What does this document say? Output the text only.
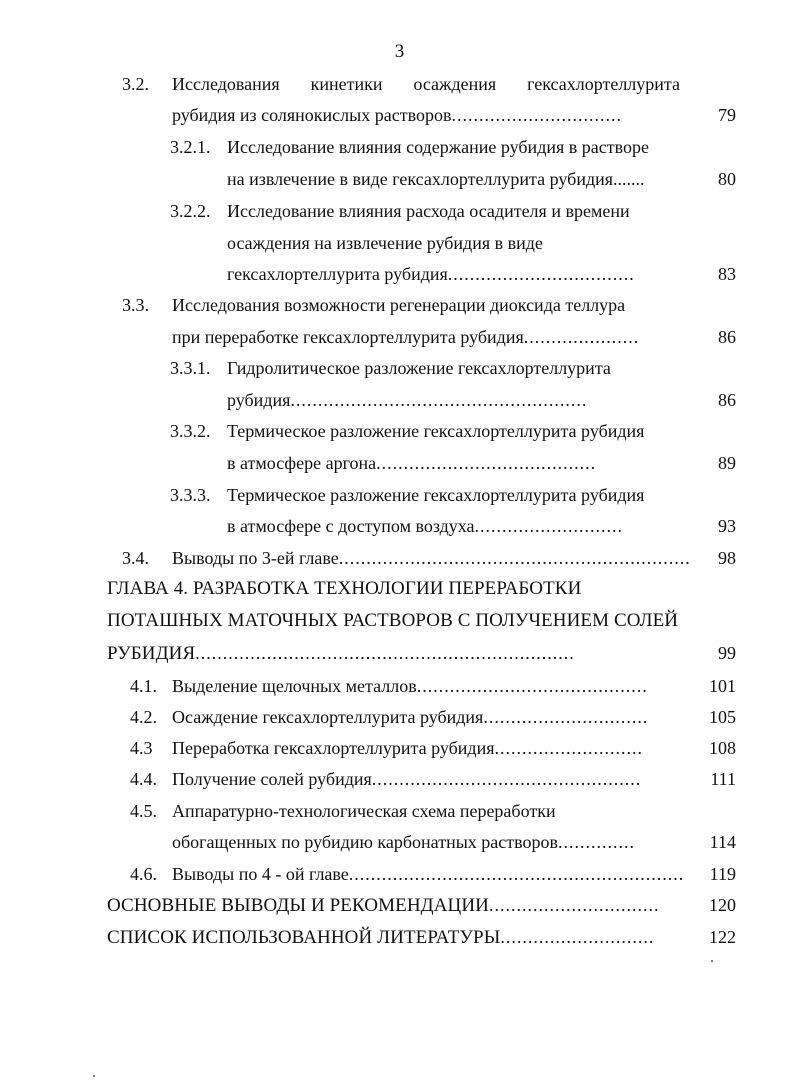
3
3.2. Исследования кинетики осаждения гексахлортеллурита
рубидия из солянокислых растворов...............................	79
3.2.1. Исследование влияния содержание рубидия в растворе
на извлечение в виде гексахлортеллурита рубидия.......	80
3.2.2. Исследование влияния расхода осадителя и времени
осаждения на извлечение рубидия в виде
гексахлортеллурита рубидия..................................	83
3.3. Исследования возможности регенерации диоксида теллура
при переработке гексахлортеллурита рубидия.....................	86
3.3.1. Гидролитическое разложение гексахлортеллурита
рубидия......................................................	86
3.3.2. Термическое разложение гексахлортеллурита рубидия
в атмосфере аргона........................................	89
3.3.3. Термическое разложение гексахлортеллурита рубидия
в атмосфере с доступом воздуха...........................	93
3.4. Выводы по 3-ей главе................................................................	98
ГЛАВА 4. РАЗРАБОТКА ТЕХНОЛОГИИ ПЕРЕРАБОТКИ
ПОТАШНЫХ МАТОЧНЫХ РАСТВОРОВ С ПОЛУЧЕНИЕМ СОЛЕЙ
РУБИДИЯ.....................................................................	99
4.1. Выделение щелочных металлов..........................................	101
4.2. Осаждение гексахлортеллурита рубидия..............................	105
4.3 Переработка гексахлортеллурита рубидия...........................	108
4.4. Получение солей рубидия.................................................	111
4.5. Аппаратурно-технологическая схема переработки
обогащенных по рубидию карбонатных растворов..............	114
4.6. Выводы по 4 - ой главе.............................................................	119
ОСНОВНЫЕ ВЫВОДЫ И РЕКОМЕНДАЦИИ...............................	120
СПИСОК ИСПОЛЬЗОВАННОЙ ЛИТЕРАТУРЫ............................	122
